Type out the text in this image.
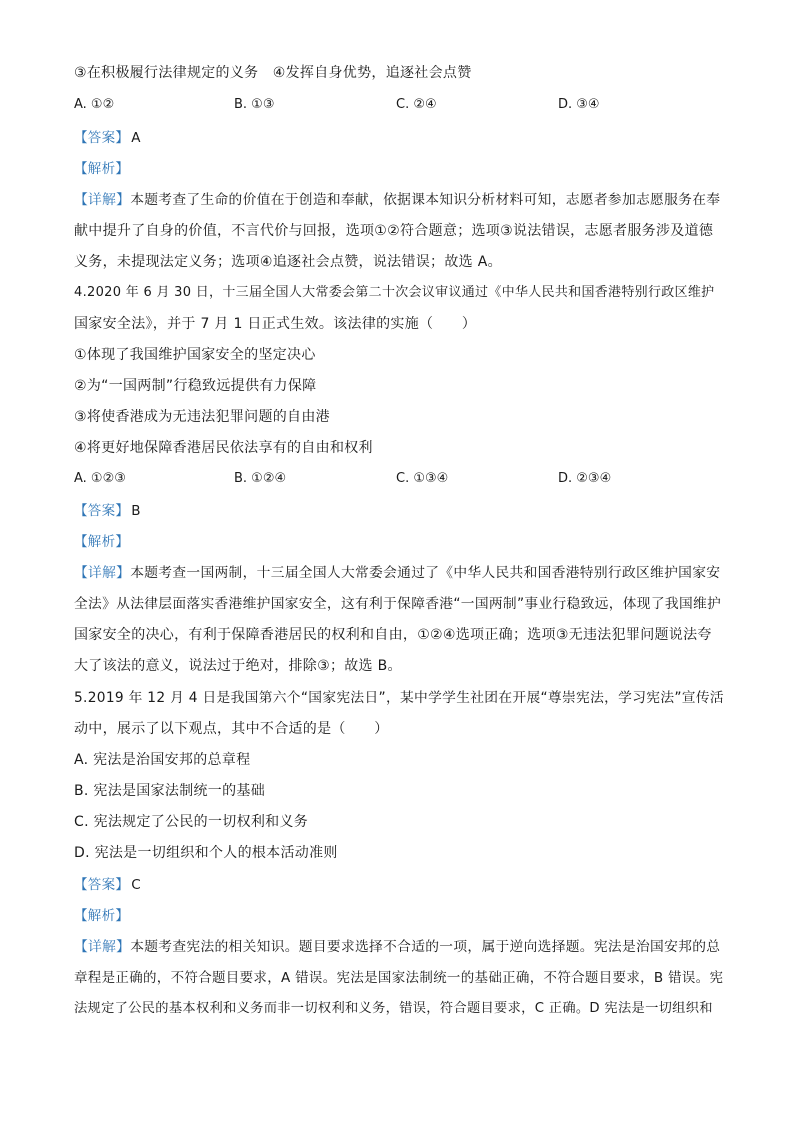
③在积极履行法律规定的义务　④发挥自身优势，追逐社会点赞
A. ①②	B. ①③	C. ②④	D. ③④
【答案】 A
【解析】
【详解】本题考查了生命的价值在于创造和奉献，依据课本知识分析材料可知，志愿者参加志愿服务在奉
献中提升了自身的价值，不言代价与回报，选项①②符合题意；选项③说法错误，志愿者服务涉及道德
义务，未提现法定义务；选项④追逐社会点赞，说法错误；故选 A。
4.2020 年 6 月 30 日，十三届全国人大常委会第二十次会议审议通过《中华人民共和国香港特别行政区维护
国家安全法》，并于 7 月 1 日正式生效。该法律的实施（　　）
①体现了我国维护国家安全的坚定决心
②为“一国两制”行稳致远提供有力保障
③将使香港成为无违法犯罪问题的自由港
④将更好地保障香港居民依法享有的自由和权利
A. ①②③	B. ①②④	C. ①③④	D. ②③④
【答案】 B
【解析】
【详解】本题考查一国两制，十三届全国人大常委会通过了《中华人民共和国香港特别行政区维护国家安
全法》从法律层面落实香港维护国家安全，这有利于保障香港“一国两制”事业行稳致远，体现了我国维护
国家安全的决心，有利于保障香港居民的权利和自由，①②④选项正确；选项③无违法犯罪问题说法夸
大了该法的意义，说法过于绝对，排除③；故选 B。
5.2019 年 12 月 4 日是我国第六个“国家宪法日”，某中学学生社团在开展“尊崇宪法，学习宪法”宣传活
动中，展示了以下观点，其中不合适的是（　　）
A. 宪法是治国安邦的总章程
B. 宪法是国家法制统一的基础
C. 宪法规定了公民的一切权利和义务
D. 宪法是一切组织和个人的根本活动准则
【答案】 C
【解析】
【详解】本题考查宪法的相关知识。题目要求选择不合适的一项，属于逆向选择题。宪法是治国安邦的总
章程是正确的，不符合题目要求，A 错误。宪法是国家法制统一的基础正确，不符合题目要求，B 错误。宪
法规定了公民的基本权利和义务而非一切权利和义务，错误，符合题目要求，C 正确。D 宪法是一切组织和
